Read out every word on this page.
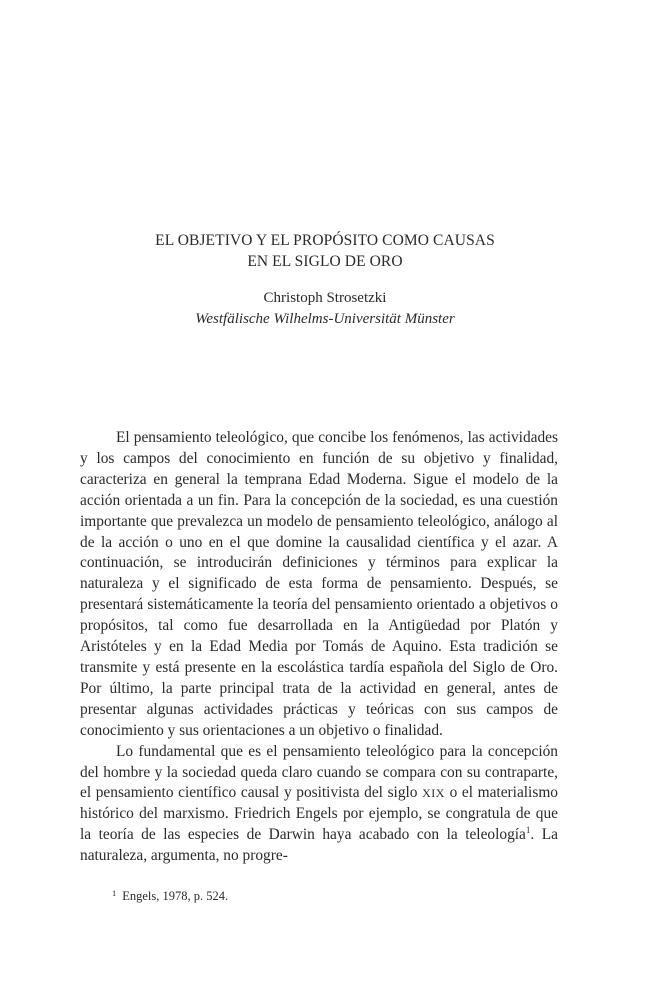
EL OBJETIVO Y EL PROPÓSITO COMO CAUSAS
EN EL SIGLO DE ORO
Christoph Strosetzki
Westfälische Wilhelms-Universität Münster

El pensamiento teleológico, que concibe los fenómenos, las actividades y los campos del conocimiento en función de su objetivo y finalidad, caracteriza en general la temprana Edad Moderna. Sigue el modelo de la acción orientada a un fin. Para la concepción de la sociedad, es una cuestión importante que prevalezca un modelo de pensamiento teleológico, análogo al de la acción o uno en el que domine la causalidad científica y el azar. A continuación, se introducirán definiciones y términos para explicar la naturaleza y el significado de esta forma de pensamiento. Después, se presentará sistemáticamente la teoría del pensamiento orientado a objetivos o propósitos, tal como fue desarrollada en la Antigüedad por Platón y Aristóteles y en la Edad Media por Tomás de Aquino. Esta tradición se transmite y está presente en la escolástica tardía española del Siglo de Oro. Por último, la parte principal trata de la actividad en general, antes de presentar algunas actividades prácticas y teóricas con sus campos de conocimiento y sus orientaciones a un objetivo o finalidad.

Lo fundamental que es el pensamiento teleológico para la concepción del hombre y la sociedad queda claro cuando se compara con su contraparte, el pensamiento científico causal y positivista del siglo XIX o el materialismo histórico del marxismo. Friedrich Engels por ejemplo, se congratula de que la teoría de las especies de Darwin haya acabado con la teleología$^1$. La naturaleza, argumenta, no progre-

$^1$ Engels, 1978, p. 524.
